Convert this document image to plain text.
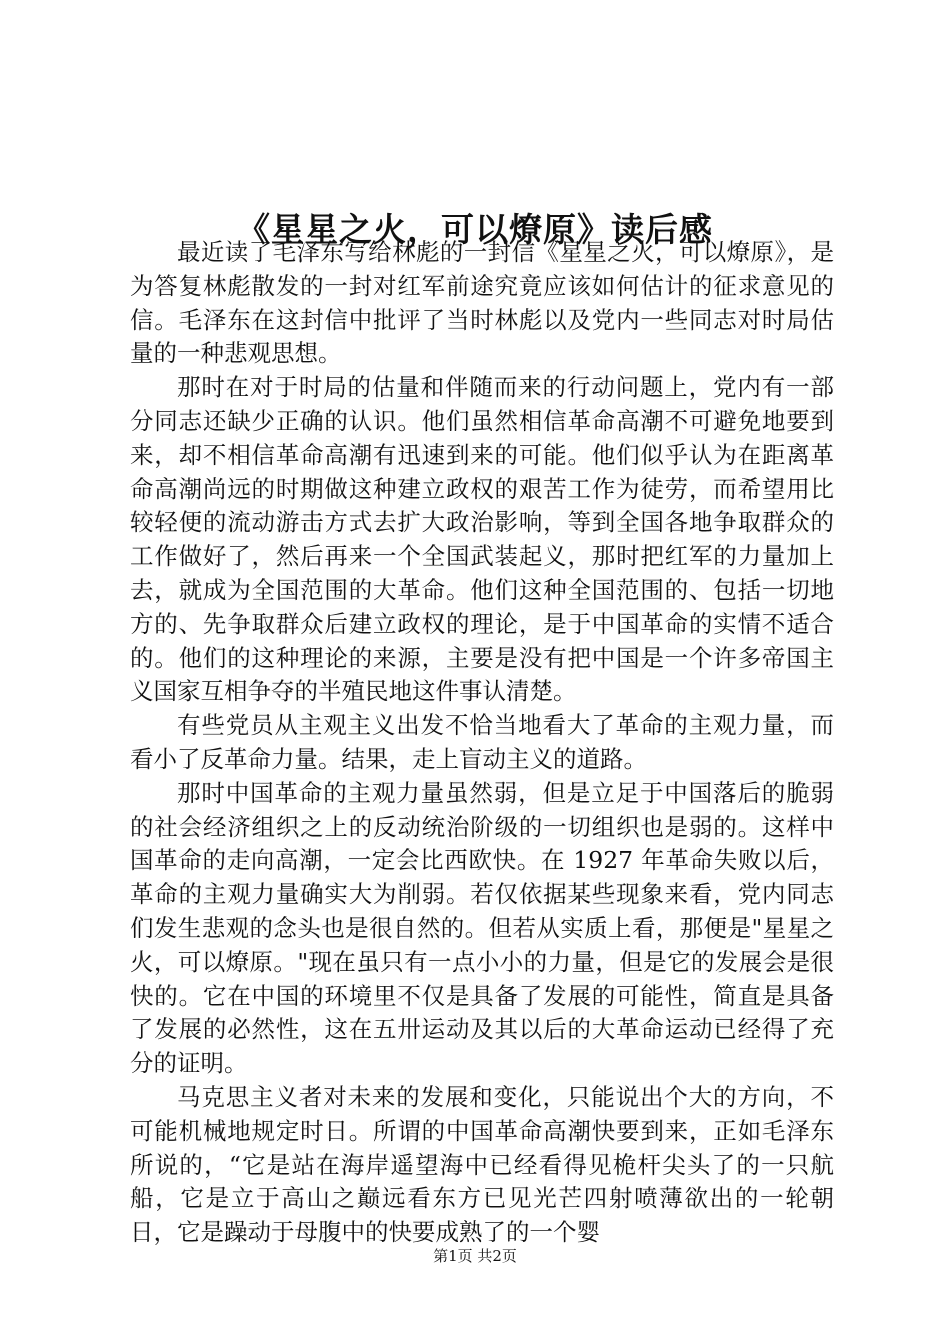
《星星之火，可以燎原》读后感

最近读了毛泽东写给林彪的一封信《星星之火，可以燎原》，是为答复林彪散发的一封对红军前途究竟应该如何估计的征求意见的信。毛泽东在这封信中批评了当时林彪以及党内一些同志对时局估量的一种悲观思想。

那时在对于时局的估量和伴随而来的行动问题上，党内有一部分同志还缺少正确的认识。他们虽然相信革命高潮不可避免地要到来，却不相信革命高潮有迅速到来的可能。他们似乎认为在距离革命高潮尚远的时期做这种建立政权的艰苦工作为徒劳，而希望用比较轻便的流动游击方式去扩大政治影响，等到全国各地争取群众的工作做好了，然后再来一个全国武装起义，那时把红军的力量加上去，就成为全国范围的大革命。他们这种全国范围的、包括一切地方的、先争取群众后建立政权的理论，是于中国革命的实情不适合的。他们的这种理论的来源，主要是没有把中国是一个许多帝国主义国家互相争夺的半殖民地这件事认清楚。

有些党员从主观主义出发不恰当地看大了革命的主观力量，而看小了反革命力量。结果，走上盲动主义的道路。

那时中国革命的主观力量虽然弱，但是立足于中国落后的脆弱的社会经济组织之上的反动统治阶级的一切组织也是弱的。这样中国革命的走向高潮，一定会比西欧快。在 1927 年革命失败以后，革命的主观力量确实大为削弱。若仅依据某些现象来看，党内同志们发生悲观的念头也是很自然的。但若从实质上看，那便是"星星之火，可以燎原。"现在虽只有一点小小的力量，但是它的发展会是很快的。它在中国的环境里不仅是具备了发展的可能性，简直是具备了发展的必然性，这在五卅运动及其以后的大革命运动已经得了充分的证明。

马克思主义者对未来的发展和变化，只能说出个大的方向，不可能机械地规定时日。所谓的中国革命高潮快要到来，正如毛泽东所说的，“它是站在海岸遥望海中已经看得见桅杆尖头了的一只航船，它是立于高山之巅远看东方已见光芒四射喷薄欲出的一轮朝日，它是躁动于母腹中的快要成熟了的一个婴

第1页 共2页
